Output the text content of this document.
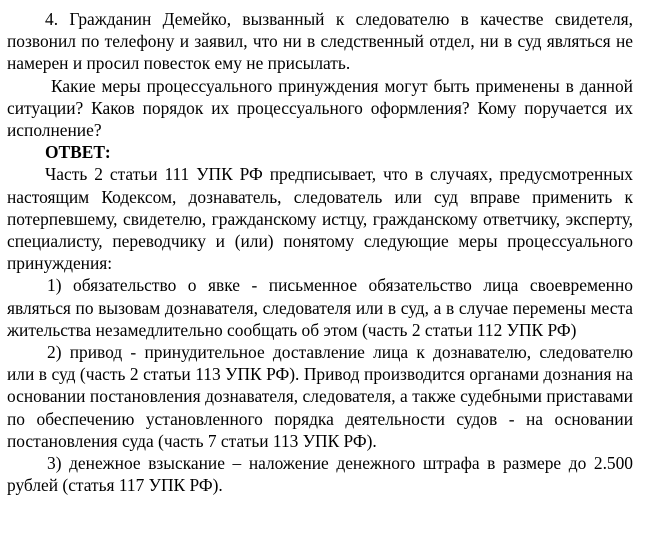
4. Гражданин Демейко, вызванный к следователю в качестве свидетеля, позвонил по телефону и заявил, что ни в следственный отдел, ни в суд являться не намерен и просил повесток ему не присылать.

Какие меры процессуального принуждения могут быть применены в данной ситуации? Каков порядок их процессуального оформления? Кому поручается их исполнение?

ОТВЕТ:

Часть 2 статьи 111 УПК РФ предписывает, что в случаях, предусмотренных настоящим Кодексом, дознаватель, следователь или суд вправе применить к потерпевшему, свидетелю, гражданскому истцу, гражданскому ответчику, эксперту, специалисту, переводчику и (или) понятому следующие меры процессуального принуждения:

1) обязательство о явке - письменное обязательство лица своевременно являться по вызовам дознавателя, следователя или в суд, а в случае перемены места жительства незамедлительно сообщать об этом (часть 2 статьи 112 УПК РФ)

2) привод - принудительное доставление лица к дознавателю, следователю или в суд (часть 2 статьи 113 УПК РФ). Привод производится органами дознания на основании постановления дознавателя, следователя, а также судебными приставами по обеспечению установленного порядка деятельности судов - на основании постановления суда (часть 7 статьи 113 УПК РФ).

3) денежное взыскание – наложение денежного штрафа в размере до 2.500 рублей (статья 117 УПК РФ).
